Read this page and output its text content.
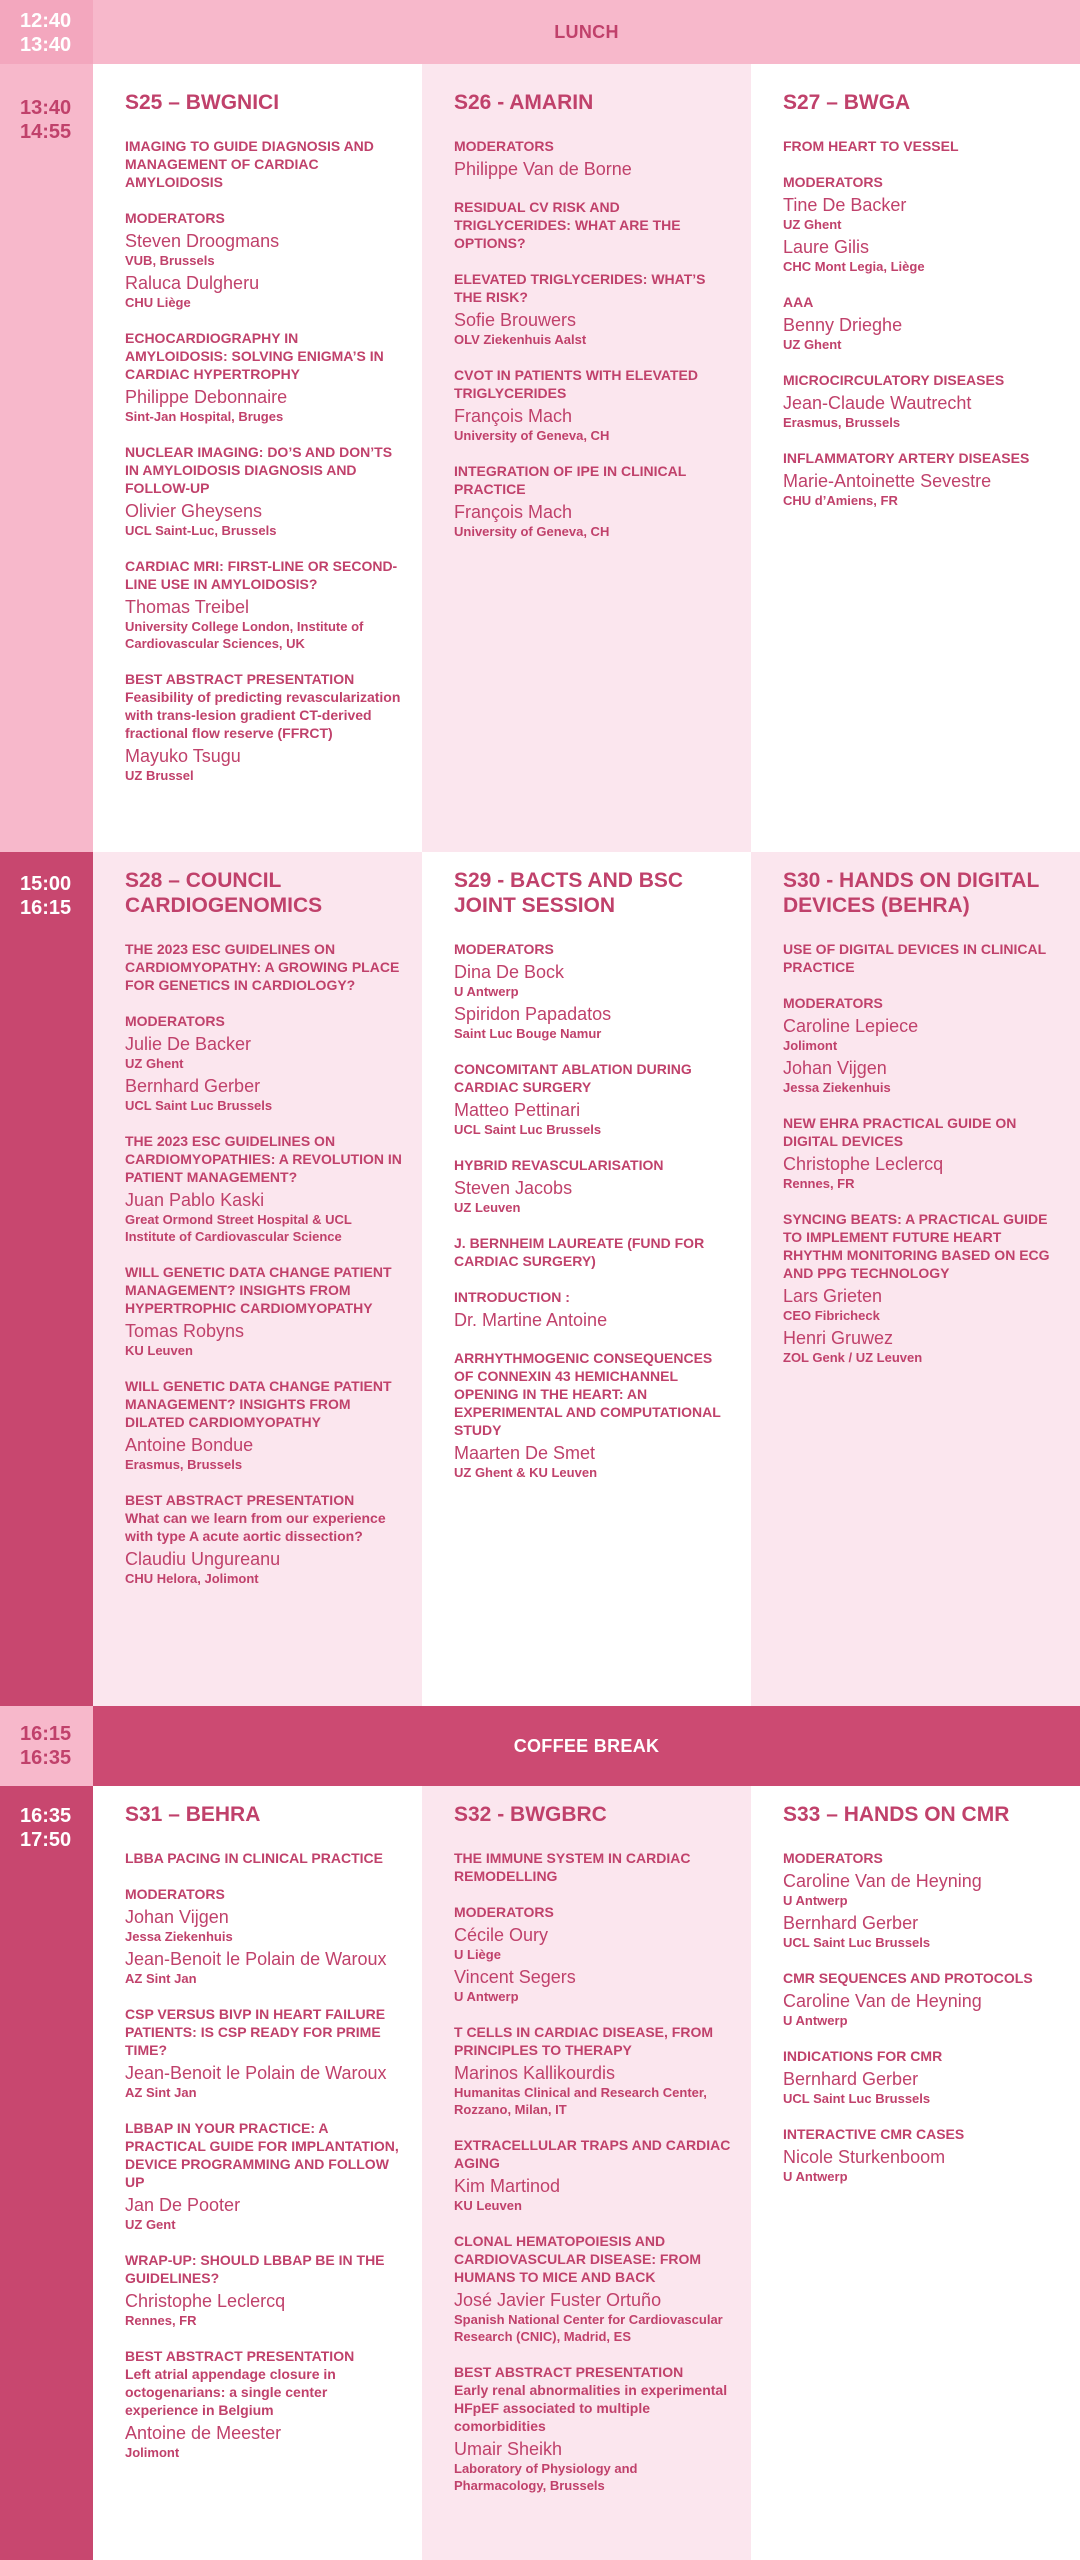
12:40
13:40
LUNCH
13:40
14:55
S25 – BWGNICI
IMAGING TO GUIDE DIAGNOSIS AND MANAGEMENT OF CARDIAC AMYLOIDOSIS
MODERATORS
Steven Droogmans
VUB, Brussels
Raluca Dulgheru
CHU Liège
ECHOCARDIOGRAPHY IN AMYLOIDOSIS: SOLVING ENIGMA’S IN CARDIAC HYPERTROPHY
Philippe Debonnaire
Sint-Jan Hospital, Bruges
NUCLEAR IMAGING: DO’S AND DON’TS IN AMYLOIDOSIS DIAGNOSIS AND FOLLOW-UP
Olivier Gheysens
UCL Saint-Luc, Brussels
CARDIAC MRI: FIRST-LINE OR SECOND-LINE USE IN AMYLOIDOSIS?
Thomas Treibel
University College London, Institute of Cardiovascular Sciences, UK
BEST ABSTRACT PRESENTATION
Feasibility of predicting revascularization with trans-lesion gradient CT-derived fractional flow reserve (FFRCT)
Mayuko Tsugu
UZ Brussel
S26 - AMARIN
MODERATORS
Philippe Van de Borne
RESIDUAL CV RISK AND TRIGLYCERIDES: WHAT ARE THE OPTIONS?
ELEVATED TRIGLYCERIDES: WHAT’S THE RISK?
Sofie Brouwers
OLV Ziekenhuis Aalst
CVOT IN PATIENTS WITH ELEVATED TRIGLYCERIDES
François Mach
University of Geneva, CH
INTEGRATION OF IPE IN CLINICAL PRACTICE
François Mach
University of Geneva, CH
S27 – BWGA
FROM HEART TO VESSEL
MODERATORS
Tine De Backer
UZ Ghent
Laure Gilis
CHC Mont Legia, Liège
AAA
Benny Drieghe
UZ Ghent
MICROCIRCULATORY DISEASES
Jean-Claude Wautrecht
Erasmus, Brussels
INFLAMMATORY ARTERY DISEASES
Marie-Antoinette Sevestre
CHU d’Amiens, FR
15:00
16:15
S28 – COUNCIL CARDIOGENOMICS
THE 2023 ESC GUIDELINES ON CARDIOMYOPATHY: A GROWING PLACE FOR GENETICS IN CARDIOLOGY?
MODERATORS
Julie De Backer
UZ Ghent
Bernhard Gerber
UCL Saint Luc Brussels
THE 2023 ESC GUIDELINES ON CARDIOMYOPATHIES: A REVOLUTION IN PATIENT MANAGEMENT?
Juan Pablo Kaski
Great Ormond Street Hospital & UCL Institute of Cardiovascular Science
WILL GENETIC DATA CHANGE PATIENT MANAGEMENT? INSIGHTS FROM HYPERTROPHIC CARDIOMYOPATHY
Tomas Robyns
KU Leuven
WILL GENETIC DATA CHANGE PATIENT MANAGEMENT? INSIGHTS FROM DILATED CARDIOMYOPATHY
Antoine Bondue
Erasmus, Brussels
BEST ABSTRACT PRESENTATION
What can we learn from our experience with type A acute aortic dissection?
Claudiu Ungureanu
CHU Helora, Jolimont
S29 - BACTS AND BSC JOINT SESSION
MODERATORS
Dina De Bock
U Antwerp
Spiridon Papadatos
Saint Luc Bouge Namur
CONCOMITANT ABLATION DURING CARDIAC SURGERY
Matteo Pettinari
UCL Saint Luc Brussels
HYBRID REVASCULARISATION
Steven Jacobs
UZ Leuven
J. BERNHEIM LAUREATE (FUND FOR CARDIAC SURGERY)
INTRODUCTION :
Dr. Martine Antoine
ARRHYTHMOGENIC CONSEQUENCES OF CONNEXIN 43 HEMICHANNEL OPENING IN THE HEART: AN EXPERIMENTAL AND COMPUTATIONAL STUDY
Maarten De Smet
UZ Ghent & KU Leuven
S30 - HANDS ON DIGITAL DEVICES (BEHRA)
USE OF DIGITAL DEVICES IN CLINICAL PRACTICE
MODERATORS
Caroline Lepiece
Jolimont
Johan Vijgen
Jessa Ziekenhuis
NEW EHRA PRACTICAL GUIDE ON DIGITAL DEVICES
Christophe Leclercq
Rennes, FR
SYNCING BEATS: A PRACTICAL GUIDE TO IMPLEMENT FUTURE HEART RHYTHM MONITORING BASED ON ECG AND PPG TECHNOLOGY
Lars Grieten
CEO Fibricheck
Henri Gruwez
ZOL Genk / UZ Leuven
16:15
16:35
COFFEE BREAK
16:35
17:50
S31 – BEHRA
LBBA PACING IN CLINICAL PRACTICE
MODERATORS
Johan Vijgen
Jessa Ziekenhuis
Jean-Benoit le Polain de Waroux
AZ Sint Jan
CSP VERSUS BIVP IN HEART FAILURE PATIENTS: IS CSP READY FOR PRIME TIME?
Jean-Benoit le Polain de Waroux
AZ Sint Jan
LBBAP IN YOUR PRACTICE: A PRACTICAL GUIDE FOR IMPLANTATION, DEVICE PROGRAMMING AND FOLLOW UP
Jan De Pooter
UZ Gent
WRAP-UP: SHOULD LBBAP BE IN THE GUIDELINES?
Christophe Leclercq
Rennes, FR
BEST ABSTRACT PRESENTATION
Left atrial appendage closure in octogenarians: a single center experience in Belgium
Antoine de Meester
Jolimont
S32 - BWGBRC
THE IMMUNE SYSTEM IN CARDIAC REMODELLING
MODERATORS
Cécile Oury
U Liège
Vincent Segers
U Antwerp
T CELLS IN CARDIAC DISEASE, FROM PRINCIPLES TO THERAPY
Marinos Kallikourdis
Humanitas Clinical and Research Center, Rozzano, Milan, IT
EXTRACELLULAR TRAPS AND CARDIAC AGING
Kim Martinod
KU Leuven
CLONAL HEMATOPOIESIS AND CARDIOVASCULAR DISEASE: FROM HUMANS TO MICE AND BACK
José Javier Fuster Ortuño
Spanish National Center for Cardiovascular Research (CNIC), Madrid, ES
BEST ABSTRACT PRESENTATION
Early renal abnormalities in experimental HFpEF associated to multiple comorbidities
Umair Sheikh
Laboratory of Physiology and Pharmacology, Brussels
S33 – HANDS ON CMR
MODERATORS
Caroline Van de Heyning
U Antwerp
Bernhard Gerber
UCL Saint Luc Brussels
CMR SEQUENCES AND PROTOCOLS
Caroline Van de Heyning
U Antwerp
INDICATIONS FOR CMR
Bernhard Gerber
UCL Saint Luc Brussels
INTERACTIVE CMR CASES
Nicole Sturkenboom
U Antwerp
